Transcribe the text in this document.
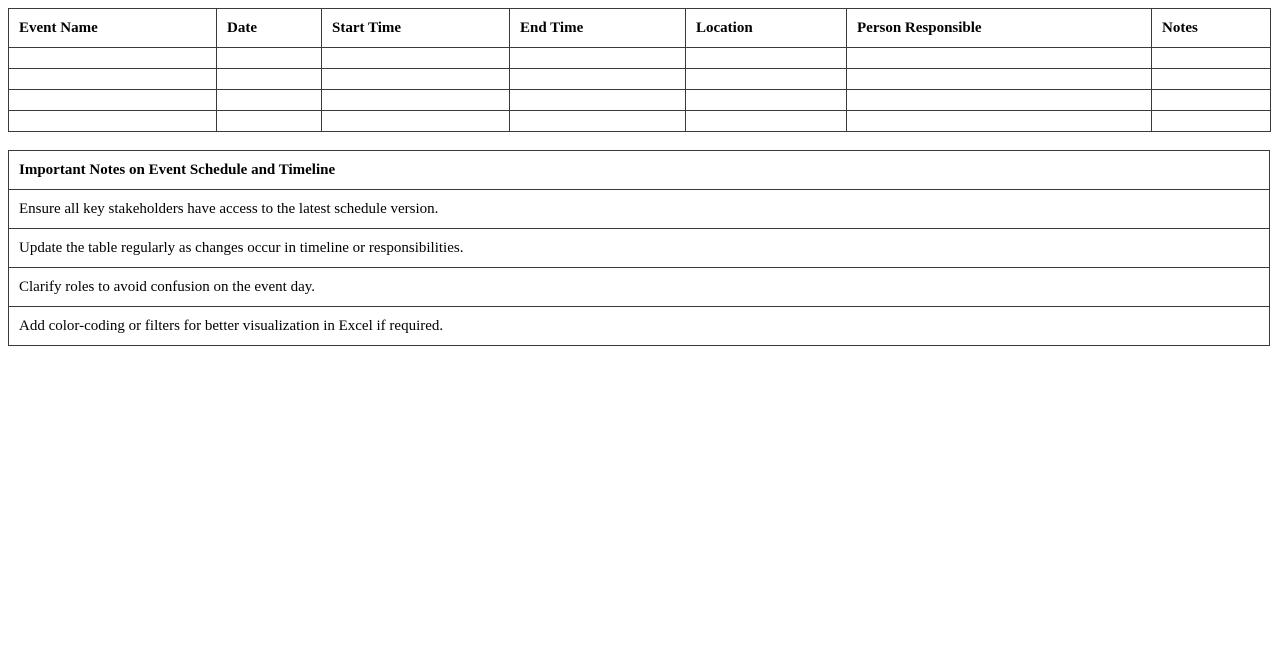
Event Name	Date	Start Time	End Time	Location	Person Responsible	Notes

Important Notes on Event Schedule and Timeline
Ensure all key stakeholders have access to the latest schedule version.
Update the table regularly as changes occur in timeline or responsibilities.
Clarify roles to avoid confusion on the event day.
Add color-coding or filters for better visualization in Excel if required.
